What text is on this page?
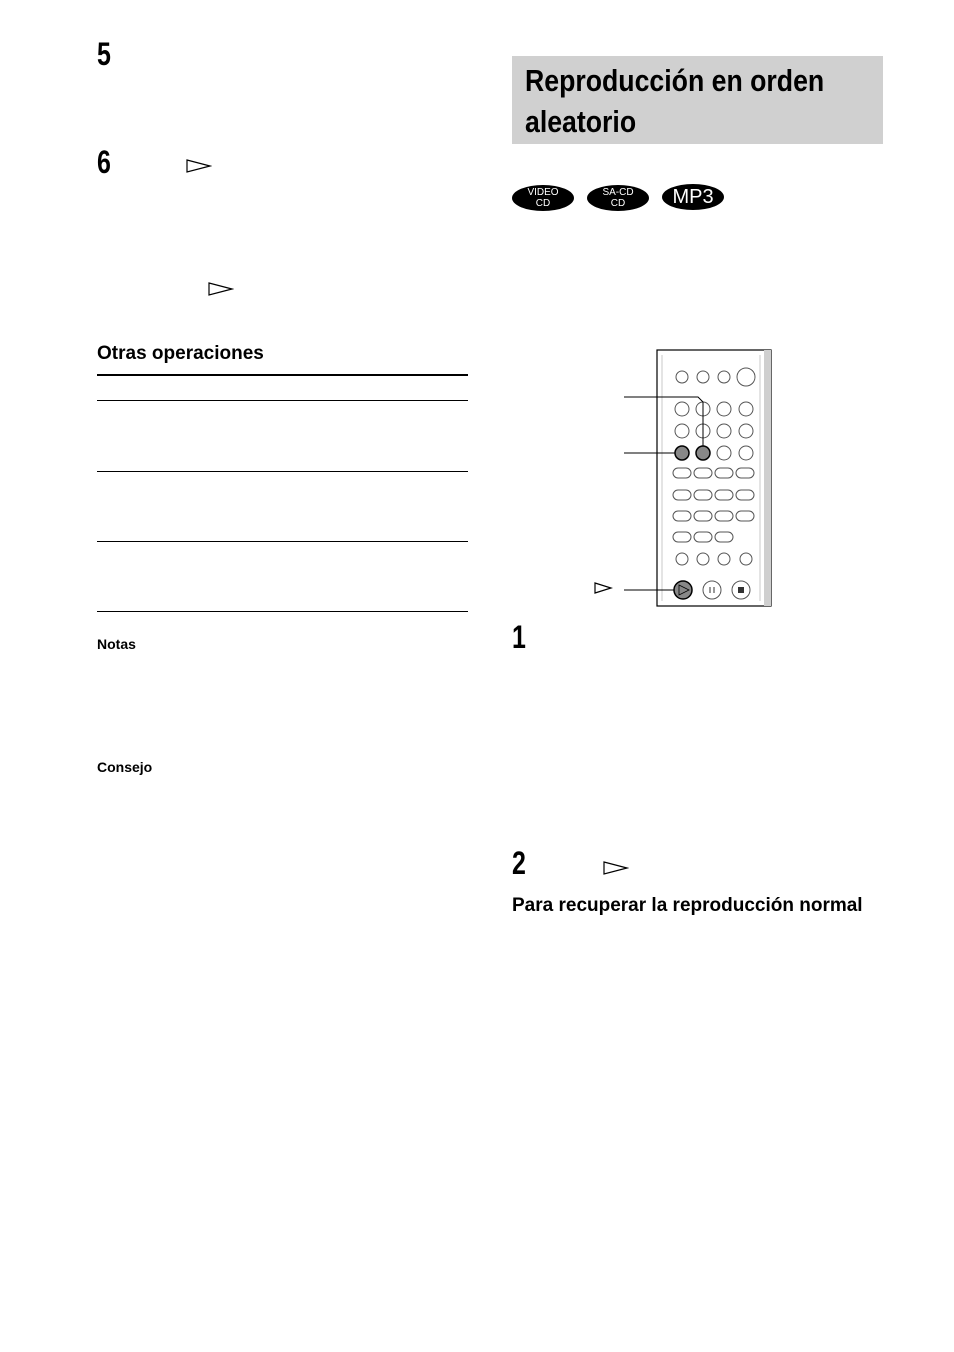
5
6
Otras operaciones
Notas
Consejo
Reproducción en orden
aleatorio
VIDEO
CD
SA-CD
CD	MP3
1
2
Para recuperar la reproducción normal
